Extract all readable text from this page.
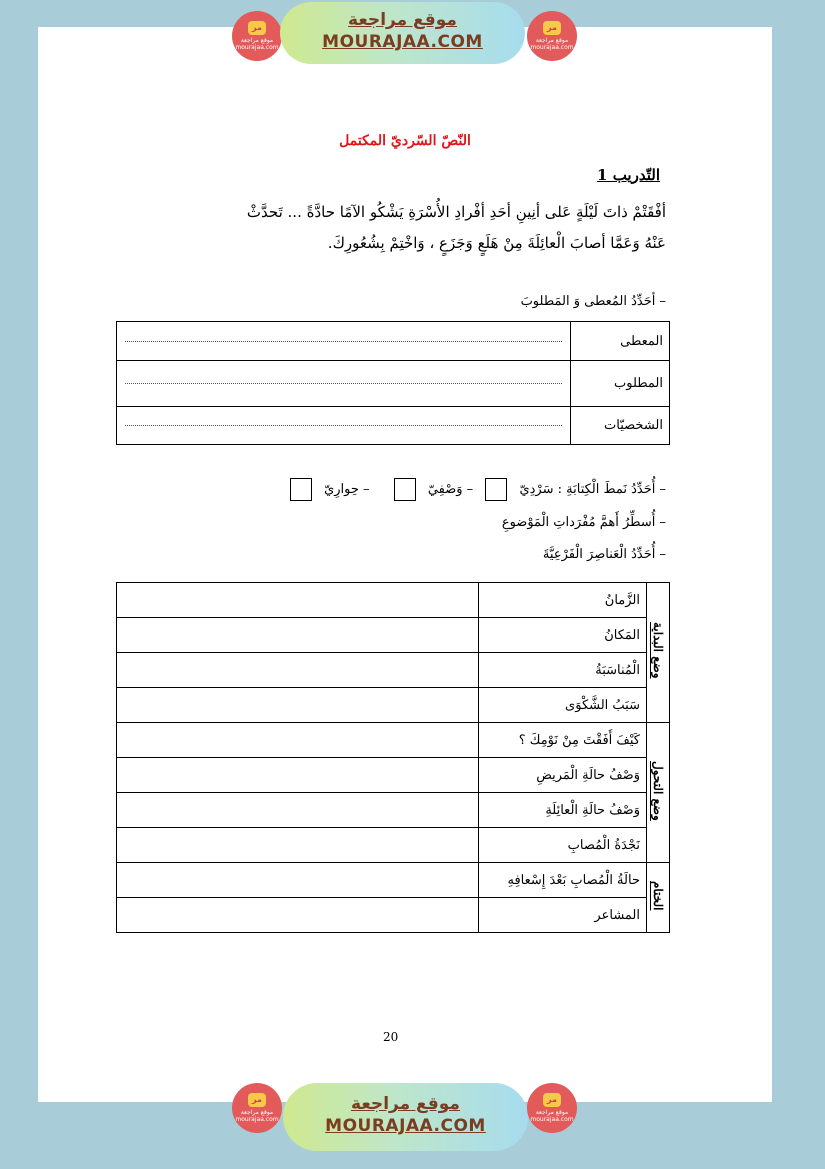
النّصّ السّرديّ المكتمل
التّدريب 1
أفْقَتْمْ ذاتَ لَيْلَةٍ عَلى أنِينِ أحَدِ أفْرادِ الأُسْرَةِ يَشْكُو الآمًا حادَّةً ... تَحدَّثْ عَنْهُ وَعَمَّا أصابَ الْعائِلَةَ مِنْ هَلَعٍ وَجَزَعٍ ، وَاخْتِمْ بِشُعُورِكَ.
– أحَدِّدُ المُعطى وَ المَطلوبَ
المعطى	

المطلوب	

الشخصيّات	
– أُحَدِّدُ نَمطَ الْكِتابَةِ : سَرْدِيّ  – وَصْفِيّ  – حِوارِيّ
– أُسطِّرُ أَهمَّ مُفْرَداتِ الْمَوْضوعِ
– أُحَدِّدُ الْعَناصِرَ الْفَرْعِيَّةَ
وضع البداية	الزَّمانُ	
	المَكانُ	
	الْمُناسَبَةُ	
	سَبَبُ الشَّكْوَى	
وضع التحول	كَيْفَ أَفَقْتَ مِنْ نَوْمِكَ ؟	
	وَصْفُ حالَةِ الْمَريضِ	
	وَصْفُ حالَةِ الْعائِلَةِ	
	نَجْدَةُ الْمُصابِ	
الختام	حالَةُ الْمُصابِ بَعْدَ إِسْعافِهِ	
	المشاعر	
20
ﻣﺮ
موقع مراجعة mourajaa.com
موقع مراجعة
MOURAJAA.COM
ﻣﺮ
موقع مراجعة mourajaa.com
ﻣﺮ
موقع مراجعة mourajaa.com
موقع مراجعة
MOURAJAA.COM
ﻣﺮ
موقع مراجعة mourajaa.com
